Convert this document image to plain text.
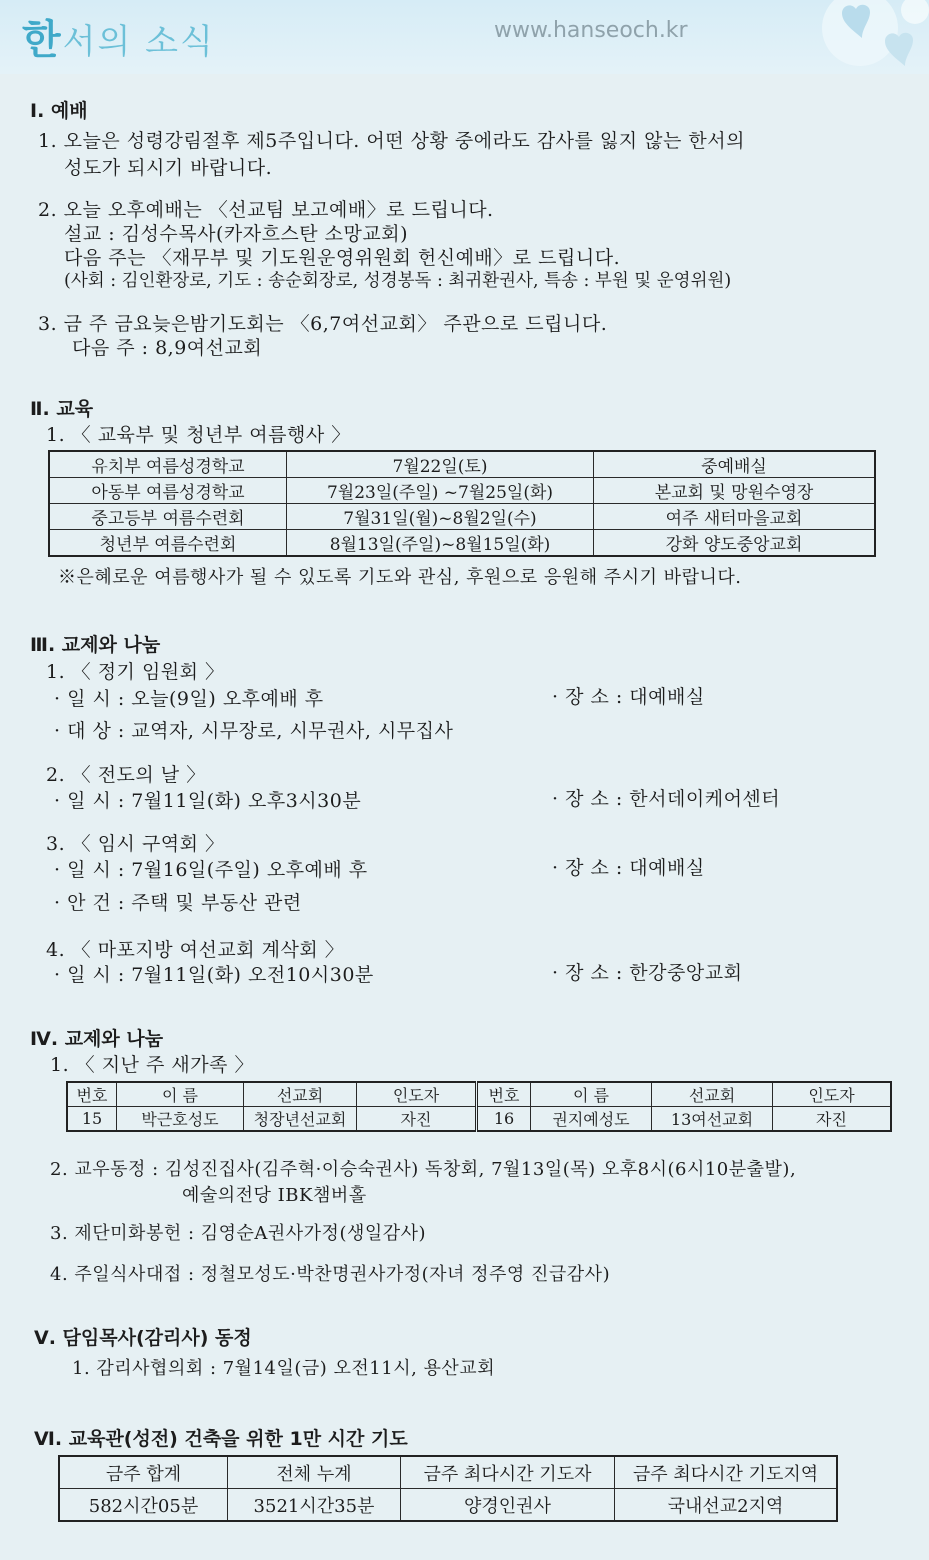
한서의 소식	www.hanseoch.kr
Ⅰ. 예배
1. 오늘은 성령강림절후 제5주입니다. 어떤 상황 중에라도 감사를 잃지 않는 한서의
성도가 되시기 바랍니다.
2. 오늘 오후예배는 〈선교팀 보고예배〉로 드립니다.
설교 : 김성수목사(카자흐스탄 소망교회)
다음 주는 〈재무부 및 기도원운영위원회 헌신예배〉로 드립니다.
(사회 : 김인환장로, 기도 : 송순회장로, 성경봉독 : 최귀환권사, 특송 : 부원 및 운영위원)
3. 금 주 금요늦은밤기도회는 〈6,7여선교회〉 주관으로 드립니다.
다음 주 : 8,9여선교회
Ⅱ. 교육
1. 〈 교육부 및 청년부 여름행사 〉
유치부 여름성경학교	7월22일(토)	중예배실
아동부 여름성경학교	7월23일(주일) ~7월25일(화)	본교회 및 망원수영장
중고등부 여름수련회	7월31일(월)~8월2일(수)	여주 새터마을교회
청년부 여름수련회	8월13일(주일)~8월15일(화)	강화 양도중앙교회
※은혜로운 여름행사가 될 수 있도록 기도와 관심, 후원으로 응원해 주시기 바랍니다.
Ⅲ. 교제와 나눔
1. 〈 정기 임원회 〉
· 일 시 : 오늘(9일) 오후예배 후	· 장 소 : 대예배실
· 대 상 : 교역자, 시무장로, 시무권사, 시무집사
2. 〈 전도의 날 〉
· 일 시 : 7월11일(화) 오후3시30분	· 장 소 : 한서데이케어센터
3. 〈 임시 구역회 〉
· 일 시 : 7월16일(주일) 오후예배 후	· 장 소 : 대예배실
· 안 건 : 주택 및 부동산 관련
4. 〈 마포지방 여선교회 계삭회 〉
· 일 시 : 7월11일(화) 오전10시30분	· 장 소 : 한강중앙교회
Ⅳ. 교제와 나눔
1. 〈 지난 주 새가족 〉
번호	이 름	선교회	인도자	번호	이 름	선교회	인도자
15	박근호성도	청장년선교회	자진	16	권지예성도	13여선교회	자진
2. 교우동정 : 김성진집사(김주혁·이승숙권사) 독창회, 7월13일(목) 오후8시(6시10분출발),
예술의전당 IBK챔버홀
3. 제단미화봉헌 : 김영순A권사가정(생일감사)
4. 주일식사대접 : 정철모성도·박찬명권사가정(자녀 정주영 진급감사)
Ⅴ. 담임목사(감리사) 동정
1. 감리사협의회 : 7월14일(금) 오전11시, 용산교회
Ⅵ. 교육관(성전) 건축을 위한 1만 시간 기도
금주 합계	전체 누계	금주 최다시간 기도자	금주 최다시간 기도지역
582시간05분	3521시간35분	양경인권사	국내선교2지역
